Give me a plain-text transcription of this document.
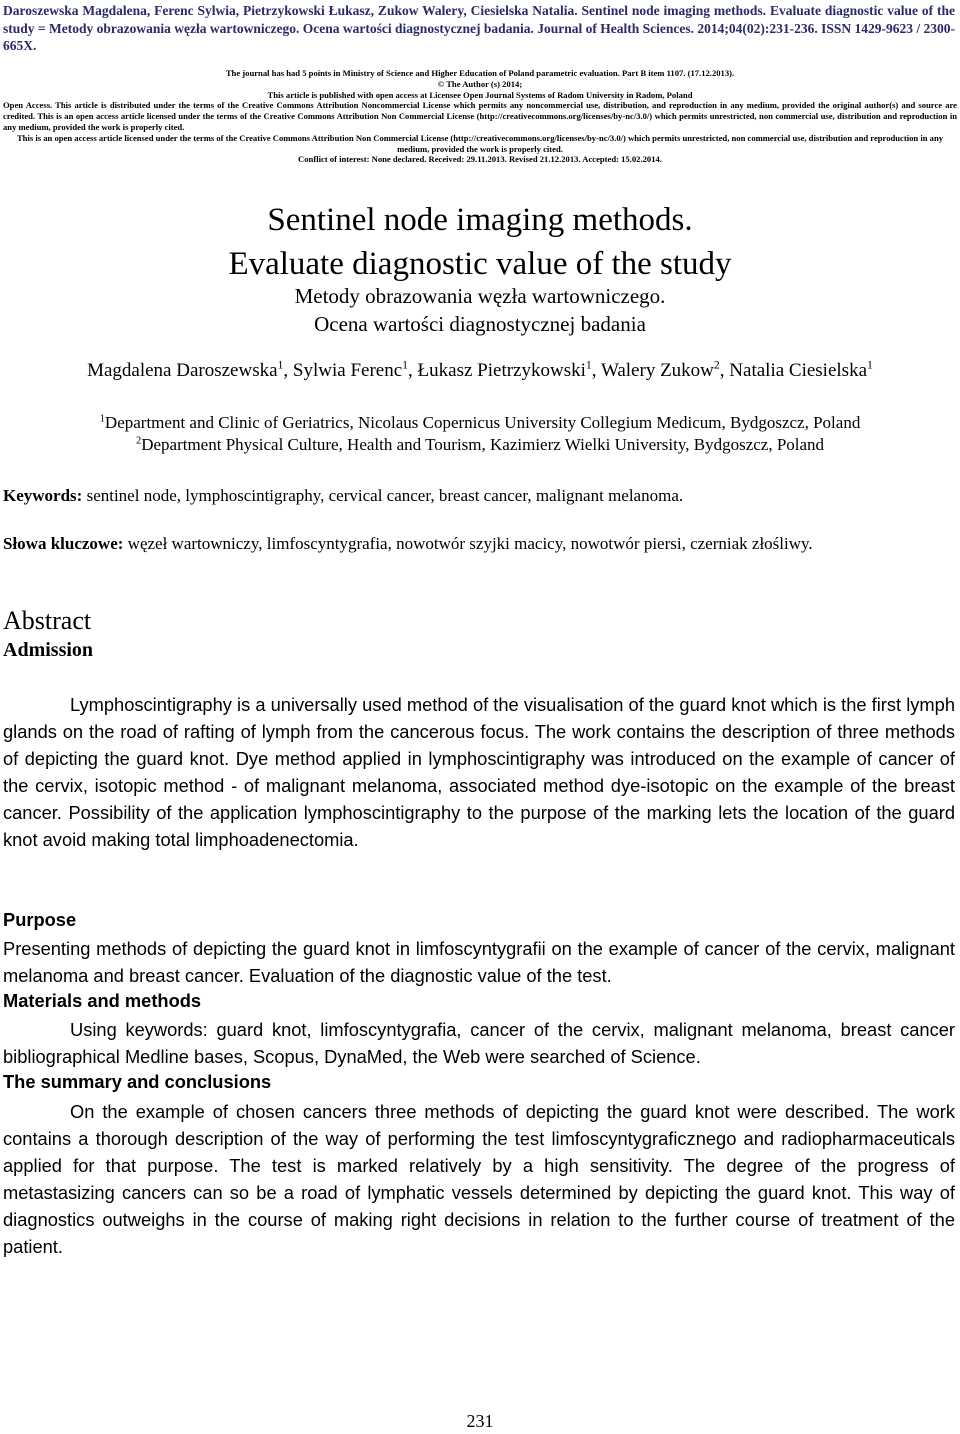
Daroszewska Magdalena, Ferenc Sylwia, Pietrzykowski Łukasz, Zukow Walery, Ciesielska Natalia. Sentinel node imaging methods. Evaluate diagnostic value of the study = Metody obrazowania węzła wartowniczego. Ocena wartości diagnostycznej badania. Journal of Health Sciences. 2014;04(02):231-236. ISSN 1429-9623 / 2300-665X.

The journal has had 5 points in Ministry of Science and Higher Education of Poland parametric evaluation. Part B item 1107. (17.12.2013).

© The Author (s) 2014;

This article is published with open access at Licensee Open Journal Systems of Radom University in Radom, Poland

Open Access. This article is distributed under the terms of the Creative Commons Attribution Noncommercial License which permits any noncommercial use, distribution, and reproduction in any medium, provided the original author(s) and source are credited. This is an open access article licensed under the terms of the Creative Commons Attribution Non Commercial License (http://creativecommons.org/licenses/by-nc/3.0/) which permits unrestricted, non commercial use, distribution and reproduction in any medium, provided the work is properly cited.

This is an open access article licensed under the terms of the Creative Commons Attribution Non Commercial License (http://creativecommons.org/licenses/by-nc/3.0/) which permits unrestricted, non commercial use, distribution and reproduction in any medium, provided the work is properly cited.

Conflict of interest: None declared. Received: 29.11.2013. Revised 21.12.2013. Accepted: 15.02.2014.

Sentinel node imaging methods.
Evaluate diagnostic value of the study
Metody obrazowania węzła wartowniczego.
Ocena wartości diagnostycznej badania
Magdalena Daroszewska$^1$, Sylwia Ferenc$^1$, Łukasz Pietrzykowski$^1$, Walery Zukow$^2$, Natalia Ciesielska$^1$
$^1$Department and Clinic of Geriatrics, Nicolaus Copernicus University Collegium Medicum, Bydgoszcz, Poland
$^2$Department Physical Culture, Health and Tourism, Kazimierz Wielki University, Bydgoszcz, Poland
Keywords: sentinel node, lymphoscintigraphy, cervical cancer, breast cancer, malignant melanoma.
Słowa kluczowe: węzeł wartowniczy, limfoscyntygrafia, nowotwór szyjki macicy, nowotwór piersi, czerniak złośliwy.
Abstract
Admission
Lymphoscintigraphy is a universally used method of the visualisation of the guard knot which is the first lymph glands on the road of rafting of lymph from the cancerous focus. The work contains the description of three methods of depicting the guard knot. Dye method applied in lymphoscintigraphy was introduced on the example of cancer of the cervix, isotopic method - of malignant melanoma, associated method dye-isotopic on the example of the breast cancer. Possibility of the application lymphoscintigraphy to the purpose of the marking lets the location of the guard knot avoid making total limphoadenectomia.
Purpose
Presenting methods of depicting the guard knot in limfoscyntygrafii on the example of cancer of the cervix, malignant melanoma and breast cancer. Evaluation of the diagnostic value of the test.
Materials and methods
Using keywords: guard knot, limfoscyntygrafia, cancer of the cervix, malignant melanoma, breast cancer bibliographical Medline bases, Scopus, DynaMed, the Web were searched of Science.
The summary and conclusions
On the example of chosen cancers three methods of depicting the guard knot were described. The work contains a thorough description of the way of performing the test limfoscyntygraficznego and radiopharmaceuticals applied for that purpose. The test is marked relatively by a high sensitivity. The degree of the progress of metastasizing cancers can so be a road of lymphatic vessels determined by depicting the guard knot. This way of diagnostics outweighs in the course of making right decisions in relation to the further course of treatment of the patient.
231
